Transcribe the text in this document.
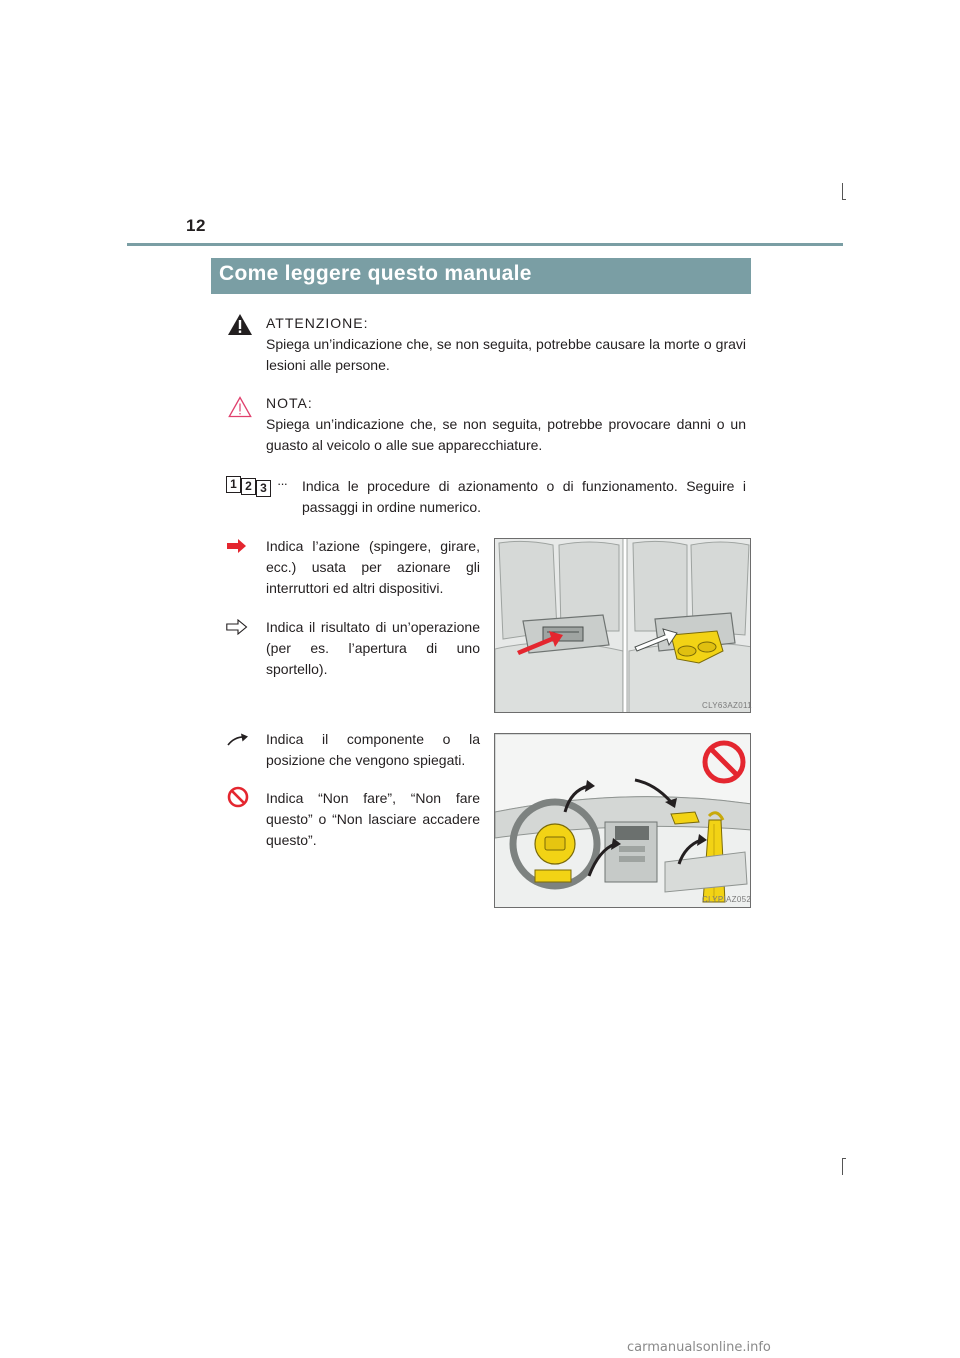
12
Come leggere questo manuale
ATTENZIONE:
Spiega un’indicazione che, se non seguita, potrebbe causare la morte o gravi lesioni alle persone.
NOTA:
Spiega un’indicazione che, se non seguita, potrebbe provocare danni o un guasto al veicolo o alle sue apparecchiature.
1 2 3 ··· Indica le procedure di azionamento o di funzionamento. Seguire i passaggi in ordine numerico.
Indica l’azione (spingere, girare, ecc.) usata per azionare gli interruttori ed altri dispositivi.
Indica il risultato di un’operazione (per es. l’apertura di uno sportello).
Indica il componente o la posizione che vengono spiegati.
Indica “Non fare”, “Non fare questo” o “Non lasciare accadere questo”.
CLY63AZ011
CLYPIAZ052
carmanualsonline.info
